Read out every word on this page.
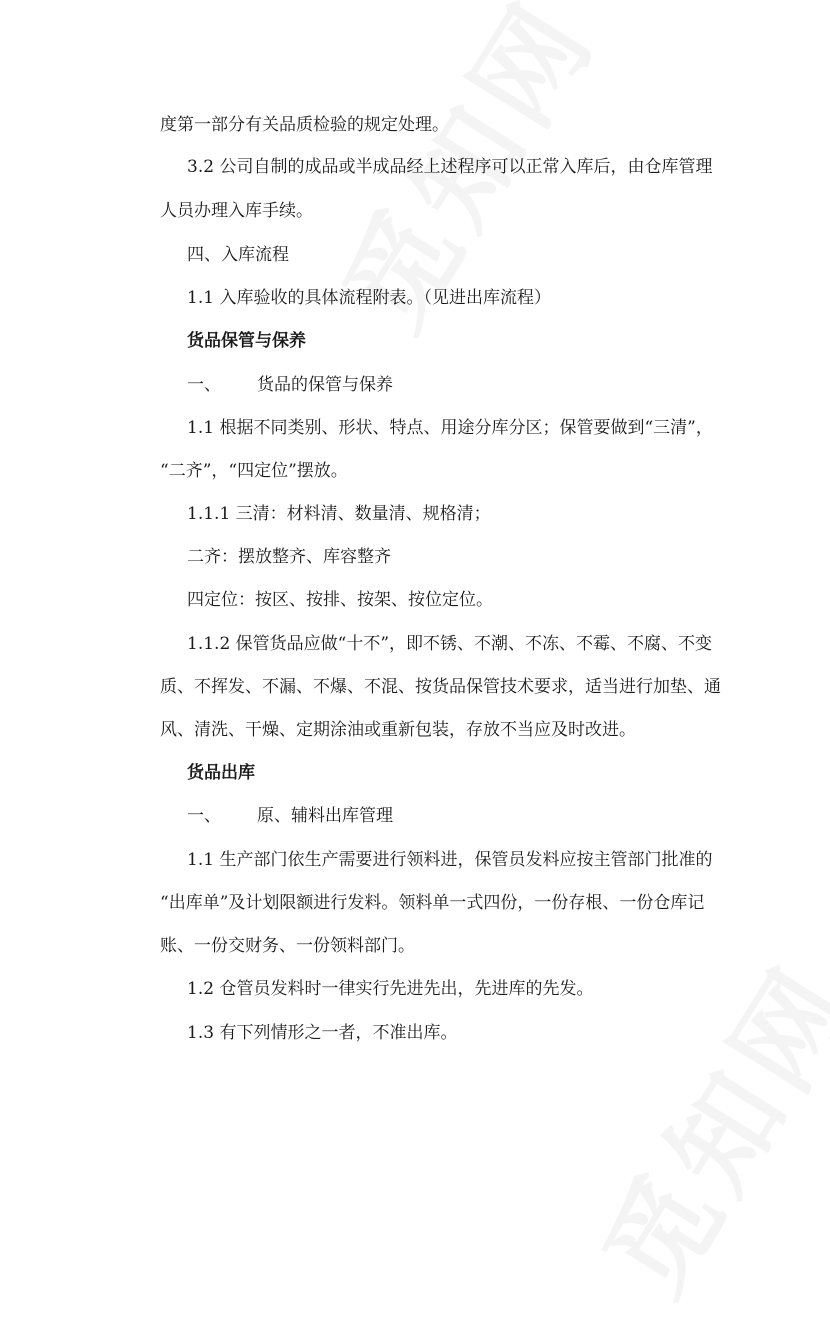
度第一部分有关品质检验的规定处理。
3.2 公司自制的成品或半成品经上述程序可以正常入库后，由仓库管理
人员办理入库手续。
四、入库流程
1.1 入库验收的具体流程附表。（见进出库流程）
货品保管与保养
一、 货品的保管与保养
1.1 根据不同类别、形状、特点、用途分库分区；保管要做到“三清”，
“二齐”，“四定位”摆放。
1.1.1 三清：材料清、数量清、规格清；
二齐：摆放整齐、库容整齐
四定位：按区、按排、按架、按位定位。
1.1.2 保管货品应做“十不”，即不锈、不潮、不冻、不霉、不腐、不变
质、不挥发、不漏、不爆、不混、按货品保管技术要求，适当进行加垫、通
风、清洗、干燥、定期涂油或重新包装，存放不当应及时改进。
货品出库
一、 原、辅料出库管理
1.1 生产部门依生产需要进行领料进，保管员发料应按主管部门批准的
“出库单”及计划限额进行发料。领料单一式四份，一份存根、一份仓库记
账、一份交财务、一份领料部门。
1.2 仓管员发料时一律实行先进先出，先进库的先发。
1.3 有下列情形之一者，不准出库。
